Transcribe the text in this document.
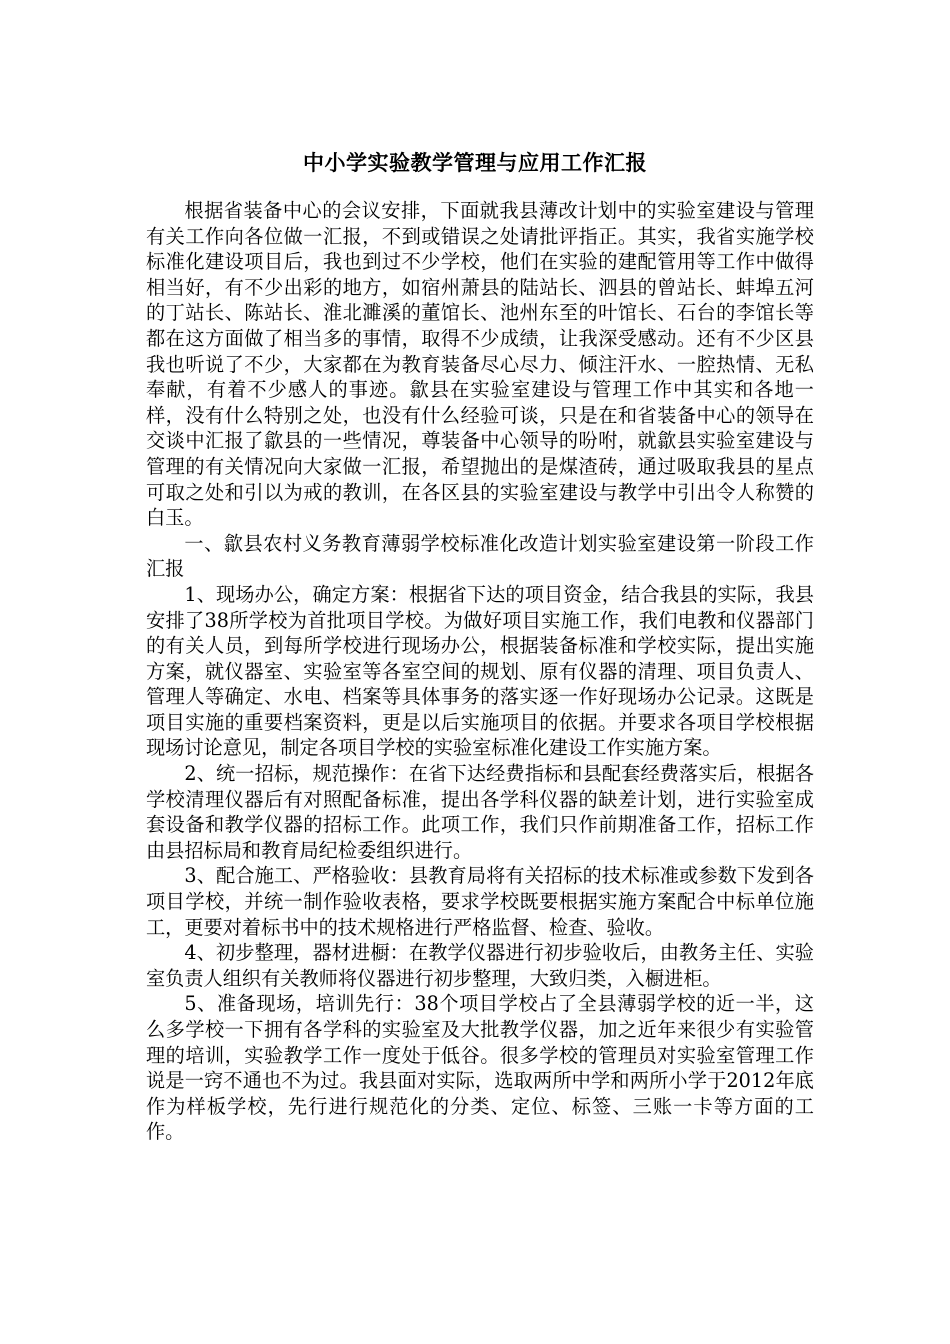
中小学实验教学管理与应用工作汇报

根据省装备中心的会议安排，下面就我县薄改计划中的实验室建设与管理有关工作向各位做一汇报，不到或错误之处请批评指正。其实，我省实施学校标准化建设项目后，我也到过不少学校，他们在实验的建配管用等工作中做得相当好，有不少出彩的地方，如宿州萧县的陆站长、泗县的曾站长、蚌埠五河的丁站长、陈站长、淮北濉溪的董馆长、池州东至的叶馆长、石台的李馆长等都在这方面做了相当多的事情，取得不少成绩，让我深受感动。还有不少区县我也听说了不少，大家都在为教育装备尽心尽力、倾注汗水、一腔热情、无私奉献，有着不少感人的事迹。歙县在实验室建设与管理工作中其实和各地一样，没有什么特别之处，也没有什么经验可谈，只是在和省装备中心的领导在交谈中汇报了歙县的一些情况，尊装备中心领导的吩咐，就歙县实验室建设与管理的有关情况向大家做一汇报，希望抛出的是煤渣砖，通过吸取我县的星点可取之处和引以为戒的教训，在各区县的实验室建设与教学中引出令人称赞的白玉。

一、歙县农村义务教育薄弱学校标准化改造计划实验室建设第一阶段工作汇报

1、现场办公，确定方案：根据省下达的项目资金，结合我县的实际，我县安排了38所学校为首批项目学校。为做好项目实施工作，我们电教和仪器部门的有关人员，到每所学校进行现场办公，根据装备标准和学校实际，提出实施方案，就仪器室、实验室等各室空间的规划、原有仪器的清理、项目负责人、管理人等确定、水电、档案等具体事务的落实逐一作好现场办公记录。这既是项目实施的重要档案资料，更是以后实施项目的依据。并要求各项目学校根据现场讨论意见，制定各项目学校的实验室标准化建设工作实施方案。

2、统一招标，规范操作：在省下达经费指标和县配套经费落实后，根据各学校清理仪器后有对照配备标准，提出各学科仪器的缺差计划，进行实验室成套设备和教学仪器的招标工作。此项工作，我们只作前期准备工作，招标工作由县招标局和教育局纪检委组织进行。

3、配合施工、严格验收：县教育局将有关招标的技术标准或参数下发到各项目学校，并统一制作验收表格，要求学校既要根据实施方案配合中标单位施工，更要对着标书中的技术规格进行严格监督、检查、验收。

4、初步整理，器材进橱：在教学仪器进行初步验收后，由教务主任、实验室负责人组织有关教师将仪器进行初步整理，大致归类，入橱进柜。

5、准备现场，培训先行：38个项目学校占了全县薄弱学校的近一半，这么多学校一下拥有各学科的实验室及大批教学仪器，加之近年来很少有实验管理的培训，实验教学工作一度处于低谷。很多学校的管理员对实验室管理工作说是一窍不通也不为过。我县面对实际，选取两所中学和两所小学于2012年底作为样板学校，先行进行规范化的分类、定位、标签、三账一卡等方面的工作。
